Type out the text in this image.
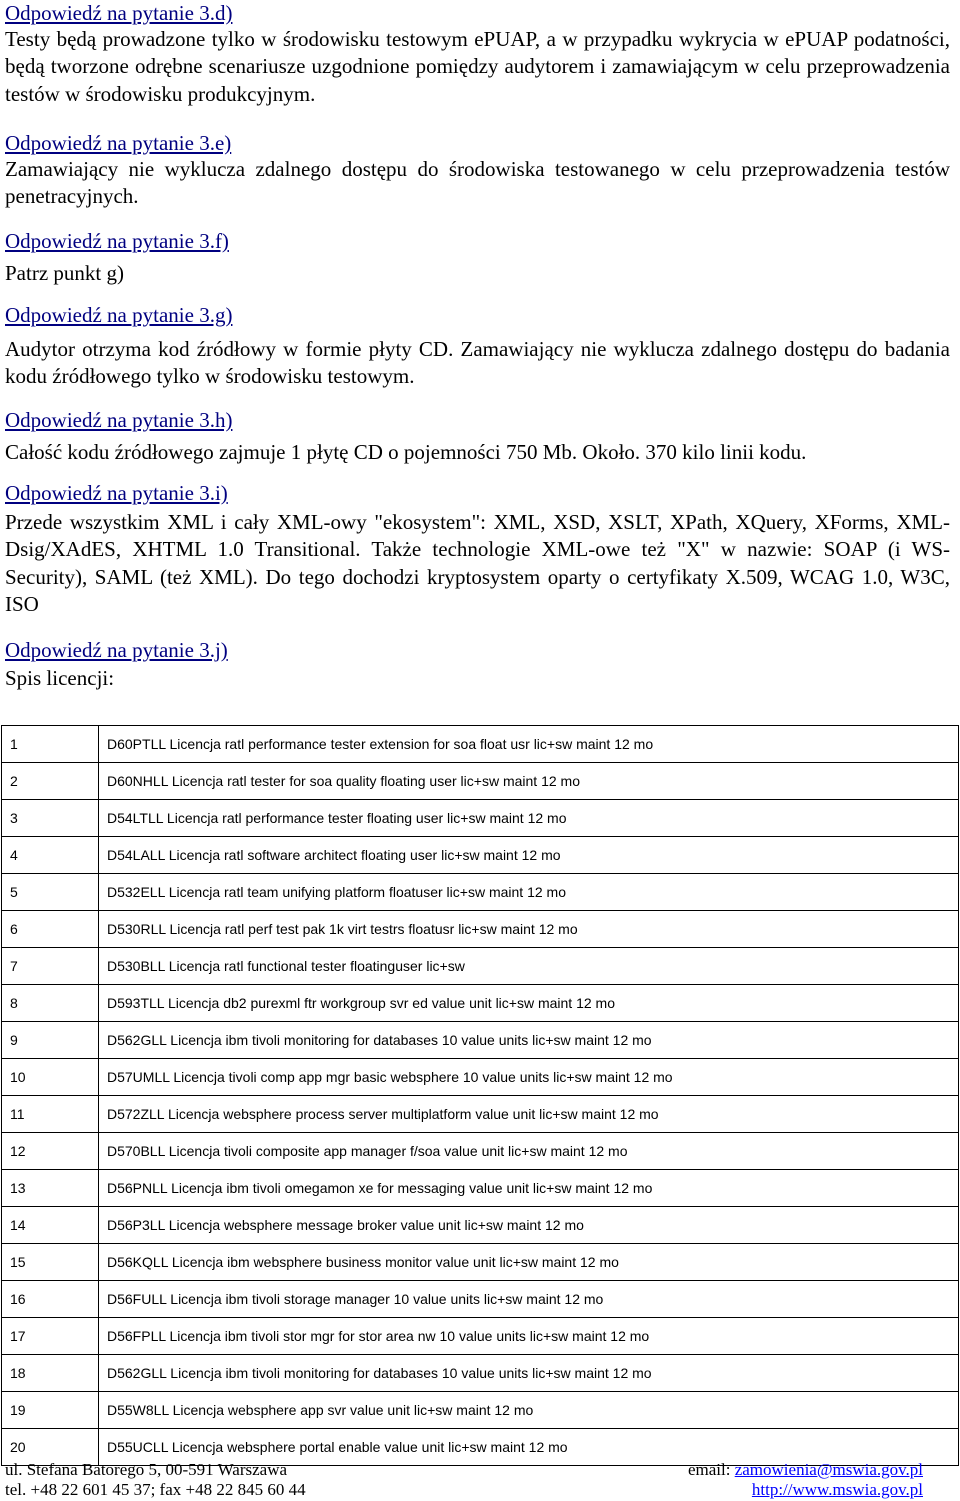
Odpowiedź na pytanie 3.d)
Testy będą prowadzone tylko w środowisku testowym ePUAP, a w przypadku wykrycia w ePUAP podatności, będą tworzone odrębne scenariusze uzgodnione pomiędzy audytorem i zamawiającym w celu przeprowadzenia testów w środowisku produkcyjnym.
Odpowiedź na pytanie 3.e)
Zamawiający nie wyklucza zdalnego dostępu do środowiska testowanego w celu przeprowadzenia testów penetracyjnych.
Odpowiedź na pytanie 3.f)
Patrz punkt g)
Odpowiedź na pytanie 3.g)
Audytor otrzyma kod źródłowy w formie płyty CD. Zamawiający nie wyklucza zdalnego dostępu do badania kodu źródłowego tylko w środowisku testowym.
Odpowiedź na pytanie 3.h)
Całość kodu źródłowego zajmuje 1 płytę CD o pojemności 750 Mb. Około. 370 kilo linii kodu.
Odpowiedź na pytanie 3.i)
Przede wszystkim XML i cały XML-owy "ekosystem": XML, XSD, XSLT, XPath, XQuery, XForms, XML-Dsig/XAdES, XHTML 1.0 Transitional. Także technologie XML-owe też "X" w nazwie: SOAP (i WS-Security), SAML (też XML). Do tego dochodzi kryptosystem oparty o certyfikaty X.509, WCAG 1.0, W3C, ISO
Odpowiedź na pytanie 3.j)
Spis licencji:
1	D60PTLL Licencja ratl performance tester extension for soa float usr lic+sw maint 12 mo
2	D60NHLL Licencja ratl tester for soa quality floating user lic+sw maint 12 mo
3	D54LTLL Licencja ratl performance tester floating user lic+sw maint 12 mo
4	D54LALL Licencja ratl software architect floating user lic+sw maint 12 mo
5	D532ELL Licencja ratl team unifying platform floatuser lic+sw maint 12 mo
6	D530RLL Licencja ratl perf test pak 1k virt testrs floatusr lic+sw maint 12 mo
7	D530BLL Licencja ratl functional tester floatinguser lic+sw
8	D593TLL Licencja db2 purexml ftr workgroup svr ed value unit lic+sw maint 12 mo
9	D562GLL Licencja ibm tivoli monitoring for databases 10 value units lic+sw maint 12 mo
10	D57UMLL Licencja tivoli comp app mgr basic websphere 10 value units lic+sw maint 12 mo
11	D572ZLL Licencja websphere process server multiplatform value unit lic+sw maint 12 mo
12	D570BLL Licencja tivoli composite app manager f/soa value unit lic+sw maint 12 mo
13	D56PNLL Licencja ibm tivoli omegamon xe for messaging value unit lic+sw maint 12 mo
14	D56P3LL Licencja websphere message broker value unit lic+sw maint 12 mo
15	D56KQLL Licencja ibm websphere business monitor value unit lic+sw maint 12 mo
16	D56FULL Licencja ibm tivoli storage manager 10 value units lic+sw maint 12 mo
17	D56FPLL Licencja ibm tivoli stor mgr for stor area nw 10 value units lic+sw maint 12 mo
18	D562GLL Licencja ibm tivoli monitoring for databases 10 value units lic+sw maint 12 mo
19	D55W8LL Licencja websphere app svr value unit lic+sw maint 12 mo
20	D55UCLL Licencja websphere portal enable value unit lic+sw maint 12 mo
ul. Stefana Batorego 5, 00-591 Warszawa	email: zamowienia@mswia.gov.pl
tel. +48 22 601 45 37; fax +48 22 845 60 44	http://www.mswia.gov.pl
